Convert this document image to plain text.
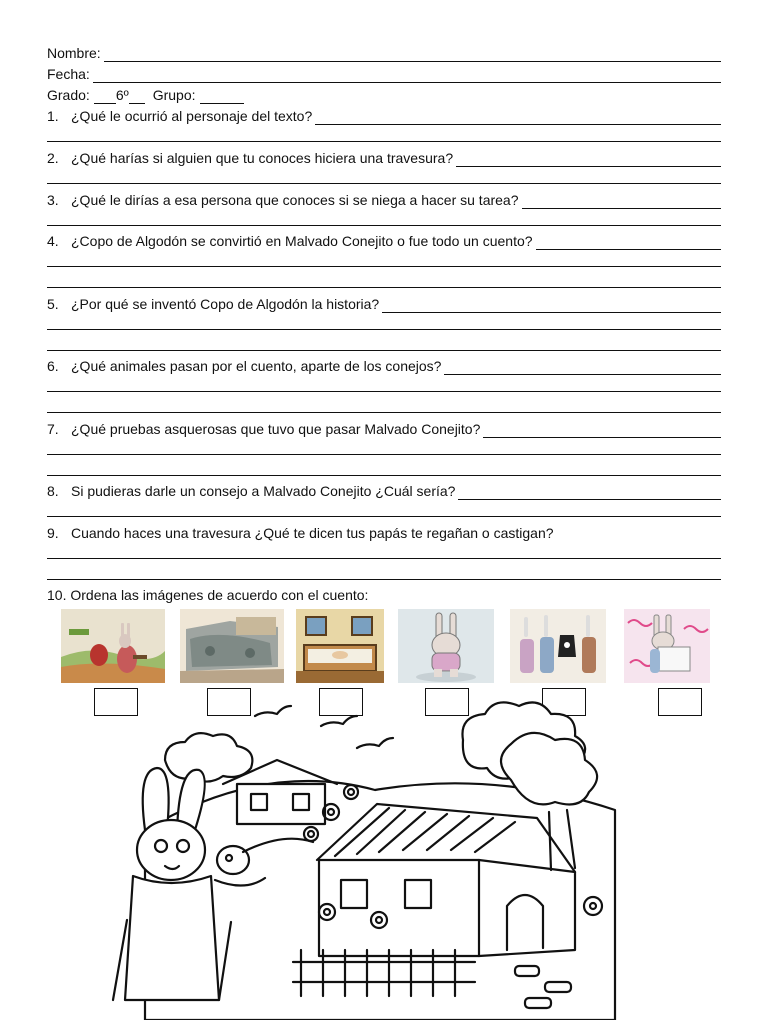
Nombre:
Fecha:
Grado:	6º	Grupo:
1. ¿Qué le ocurrió al personaje del texto?
2. ¿Qué harías si alguien que tu conoces hiciera una travesura?
3. ¿Qué le dirías a esa persona que conoces si se niega a hacer su tarea?
4. ¿Copo de Algodón se convirtió en Malvado Conejito o fue todo un cuento?
5. ¿Por qué se inventó Copo de Algodón la historia?
6. ¿Qué animales pasan por el cuento, aparte de los conejos?
7. ¿Qué pruebas asquerosas que tuvo que pasar Malvado Conejito?
8. Si pudieras darle un consejo a Malvado Conejito ¿Cuál sería?
9. Cuando haces una travesura ¿Qué te dicen tus papás te regañan o castigan?
10. Ordena las imágenes de acuerdo con el cuento:
